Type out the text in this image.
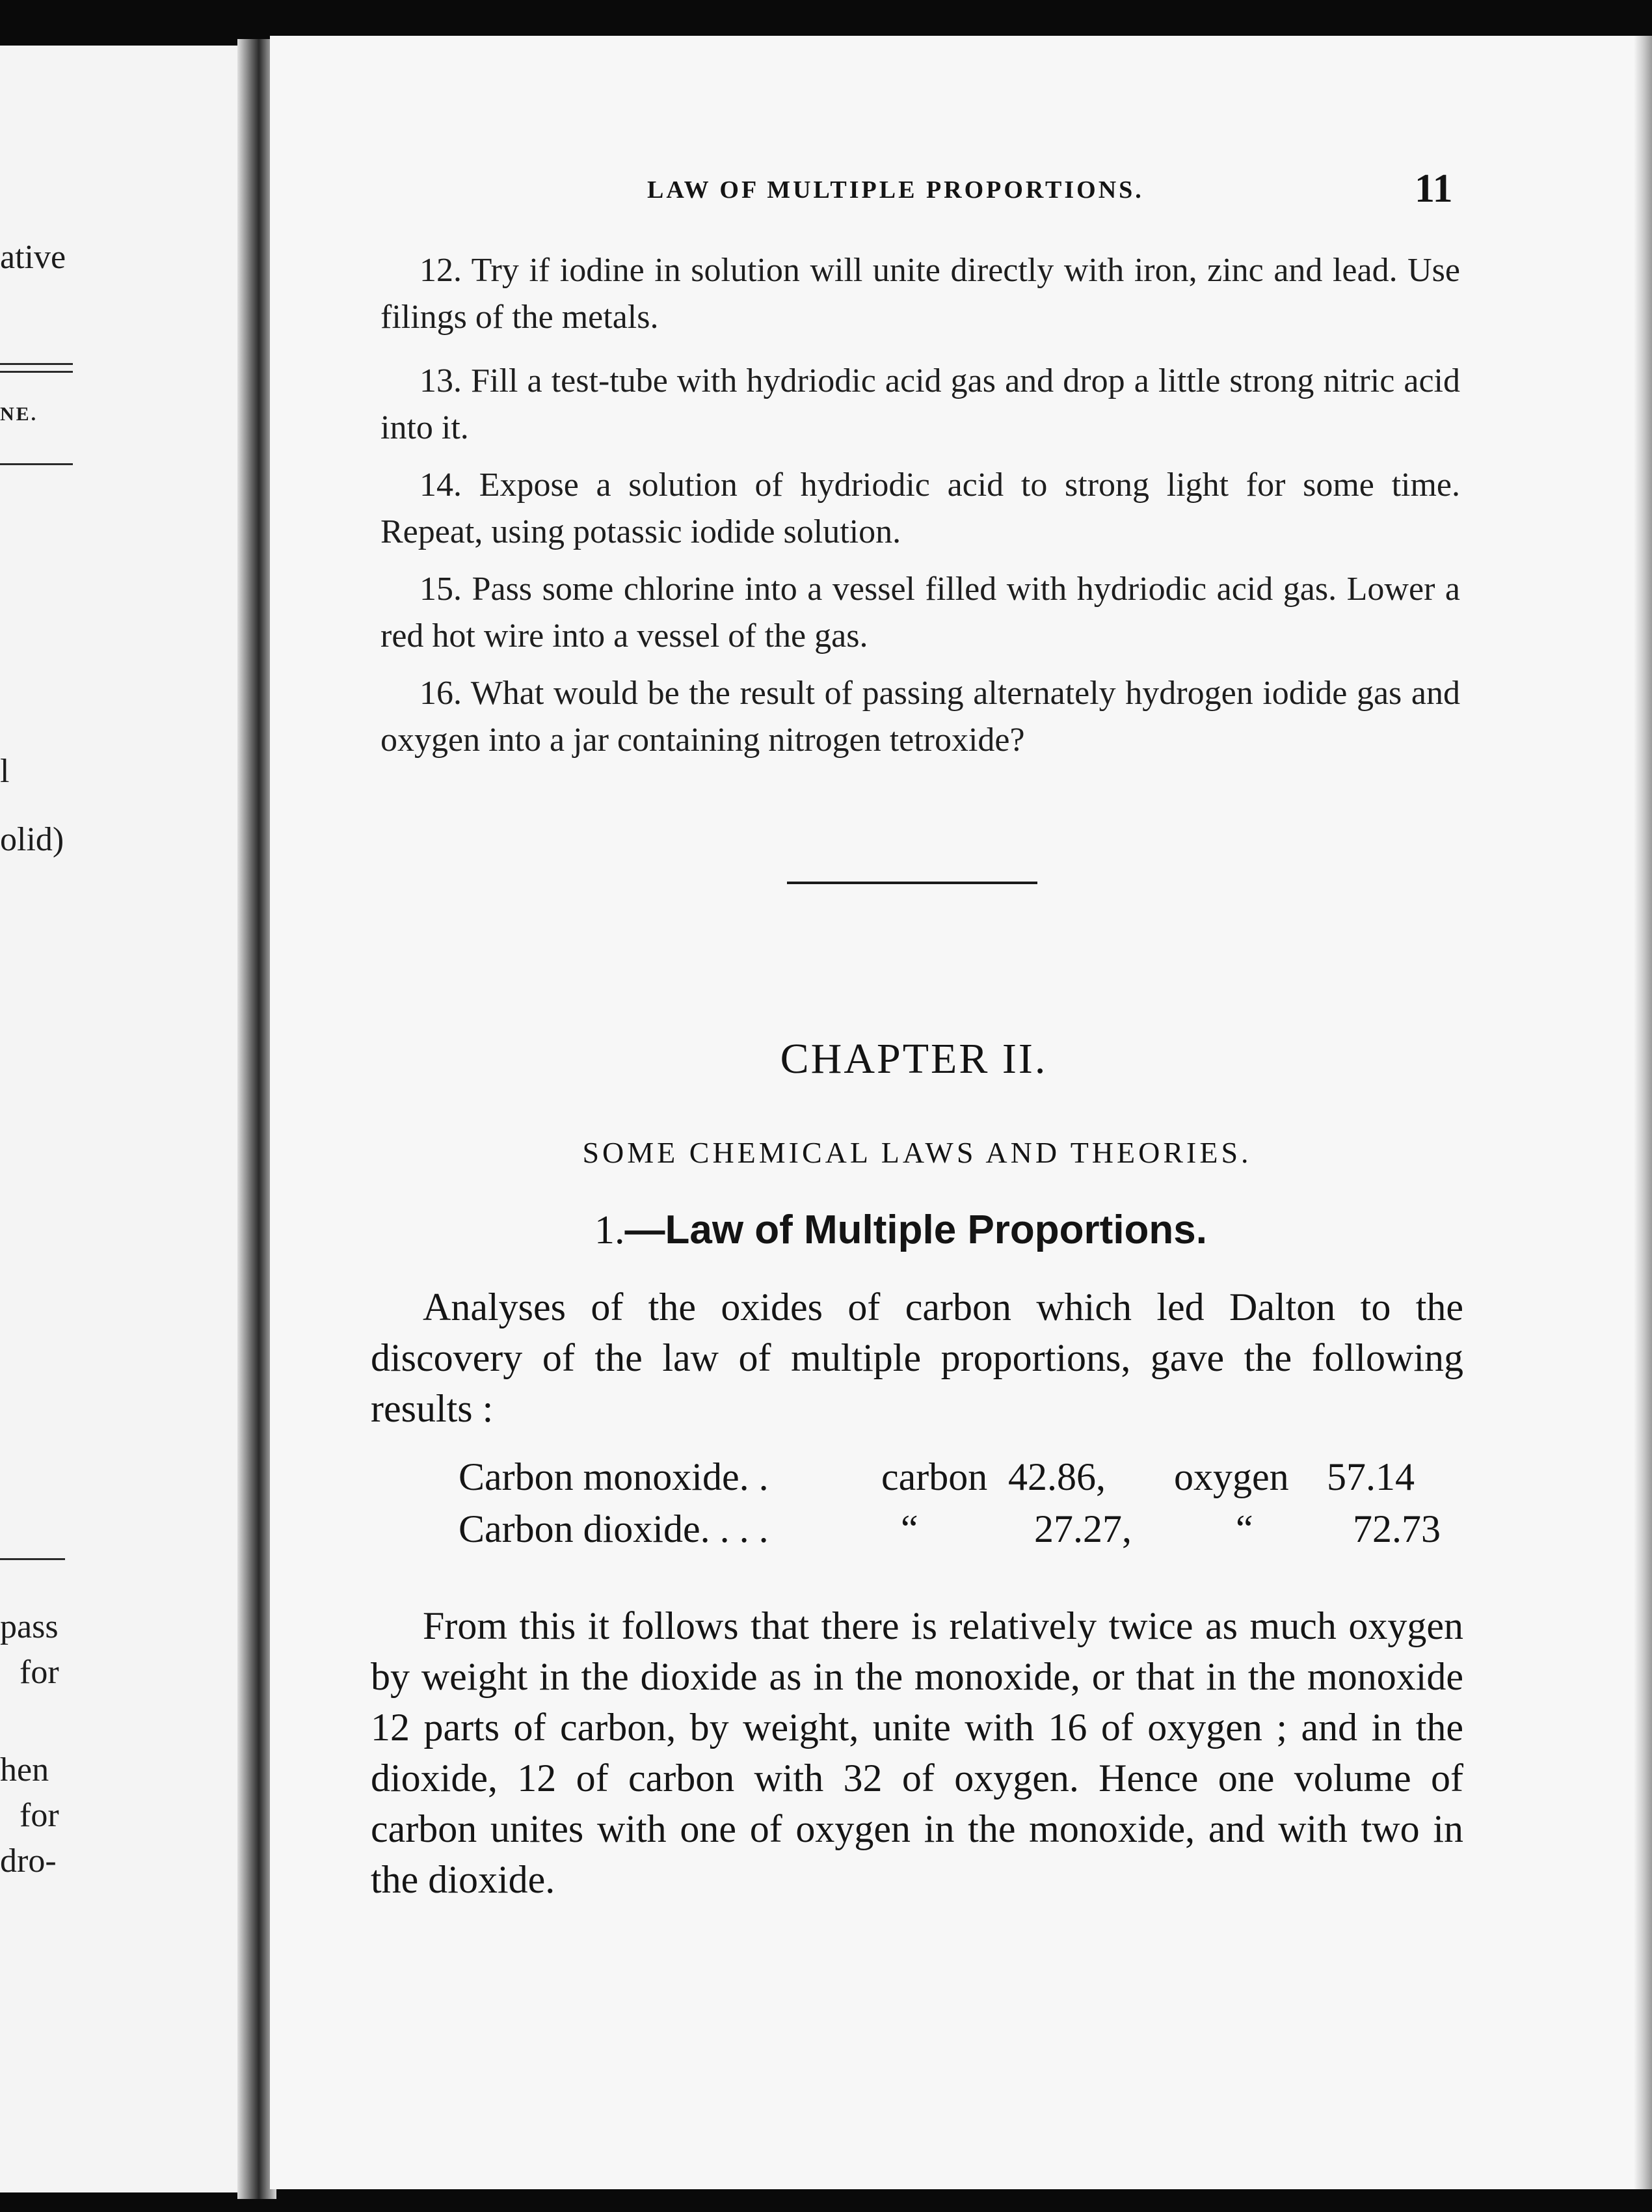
ative
NE.
l
olid)
pass
for
hen
for
dro-
LAW OF MULTIPLE PROPORTIONS.	11
12. Try if iodine in solution will unite directly with iron, zinc and lead. Use filings of the metals.
13. Fill a test-tube with hydriodic acid gas and drop a little strong nitric acid into it.
14. Expose a solution of hydriodic acid to strong light for some time. Repeat, using potassic iodide solution.
15. Pass some chlorine into a vessel filled with hydriodic acid gas. Lower a red hot wire into a vessel of the gas.
16. What would be the result of passing alternately hydrogen iodide gas and oxygen into a jar containing nitrogen tetroxide?
CHAPTER II.
SOME CHEMICAL LAWS AND THEORIES.
1.—Law of Multiple Proportions.
Analyses of the oxides of carbon which led Dalton to the discovery of the law of multiple proportions, gave the following results :
Carbon monoxide. .	carbon 42.86, oxygen 57.14
Carbon dioxide. . . .	“	27.27,	“	72.73
From this it follows that there is relatively twice as much oxygen by weight in the dioxide as in the monoxide, or that in the monoxide 12 parts of carbon, by weight, unite with 16 of oxygen ; and in the dioxide, 12 of carbon with 32 of oxygen. Hence one volume of carbon unites with one of oxygen in the monoxide, and with two in the dioxide.
